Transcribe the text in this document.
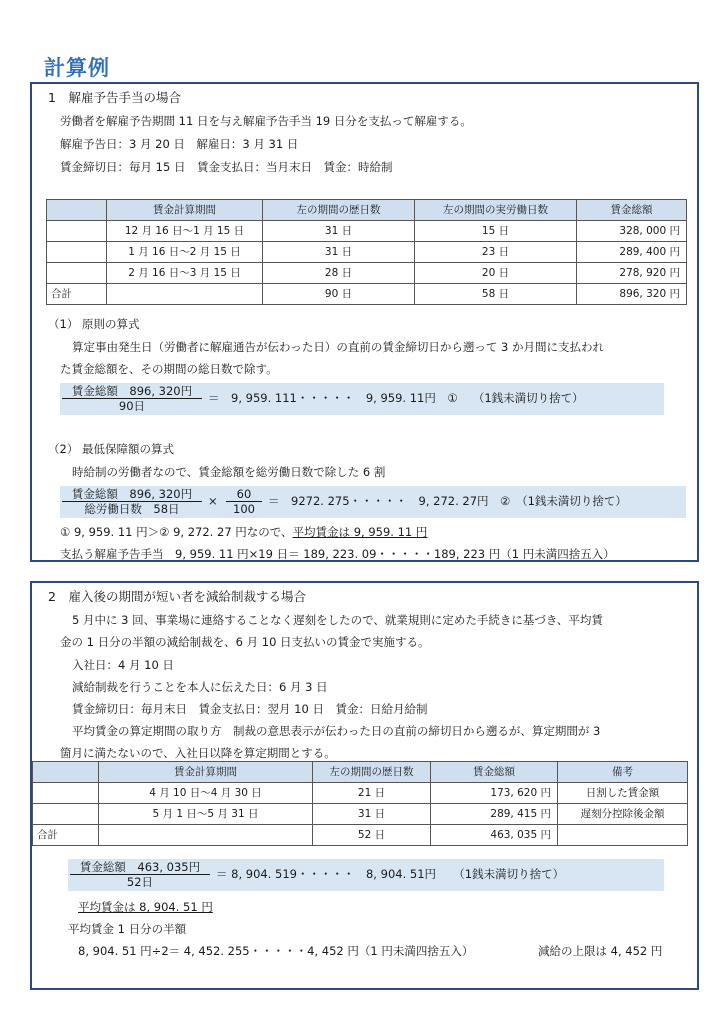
計算例
1　解雇予告手当の場合
労働者を解雇予告期間 11 日を与え解雇予告手当 19 日分を支払って解雇する。
解雇予告日：3 月 20 日　解雇日：3 月 31 日
賃金締切日：毎月 15 日　賃金支払日：当月末日　賃金：時給制
	賃金計算期間	左の期間の歴日数	左の期間の実労働日数	賃金総額
	12 月 16 日～1 月 15 日	31 日	15 日	328, 000 円
	1 月 16 日～2 月 15 日	31 日	23 日	289, 400 円
	2 月 16 日～3 月 15 日	28 日	20 日	278, 920 円
合計		90 日	58 日	896, 320 円
（1） 原則の算式
算定事由発生日（労働者に解雇通告が伝わった日）の直前の賃金締切日から遡って 3 か月間に支払われ
た賃金総額を、その期間の総日数で除す。
賃金総額　896, 320円
90日
＝　9, 959. 111・・・・・　9, 959. 11円　①　 （1銭未満切り捨て）
（2） 最低保障額の算式
時給制の労働者なので、賃金総額を総労働日数で除した 6 割
賃金総額　896, 320円
総労働日数　58日
× $\frac{60}{100}$ ＝　9272. 275・・・・・　9, 272. 27円　②　（1銭未満切り捨て）
① 9, 959. 11 円＞② 9, 272. 27 円なので、平均賃金は 9, 959. 11 円
支払う解雇予告手当　9, 959. 11 円×19 日＝ 189, 223. 09・・・・・189, 223 円（1 円未満四捨五入）
2　雇入後の期間が短い者を減給制裁する場合
5 月中に 3 回、事業場に連絡することなく遅刻をしたので、就業規則に定めた手続きに基づき、平均賃
金の 1 日分の半額の減給制裁を、6 月 10 日支払いの賃金で実施する。
入社日：4 月 10 日
減給制裁を行うことを本人に伝えた日：6 月 3 日
賃金締切日：毎月末日　賃金支払日：翌月 10 日　賃金：日給月給制
平均賃金の算定期間の取り方　制裁の意思表示が伝わった日の直前の締切日から遡るが、算定期間が 3
箇月に満たないので、入社日以降を算定期間とする。
	賃金計算期間	左の期間の歴日数	賃金総額	備考
	4 月 10 日～4 月 30 日	21 日	173, 620 円	日割した賃金額
	5 月 1 日～5 月 31 日	31 日	289, 415 円	遅刻分控除後金額
合計		52 日	463, 035 円	
賃金総額　463, 035円
52日
＝ 8, 904. 519・・・・・　8, 904. 51円　　（1銭未満切り捨て）
平均賃金は 8, 904. 51 円
平均賃金 1 日分の半額
8, 904. 51 円÷2＝ 4, 452. 255・・・・・4, 452 円（1 円未満四捨五入）	減給の上限は 4, 452 円
